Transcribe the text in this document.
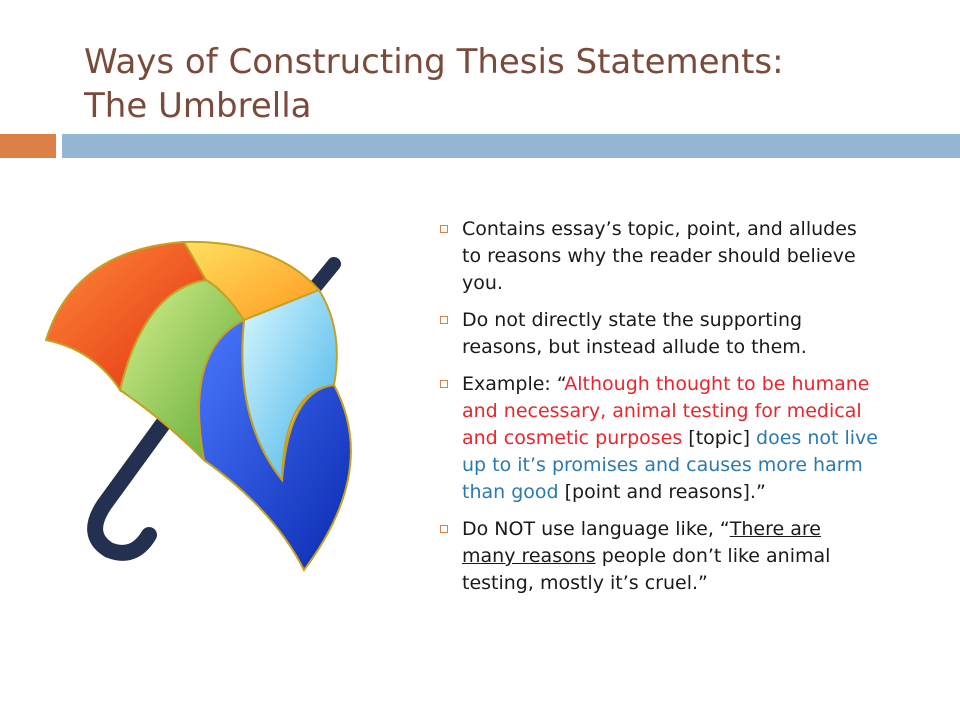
Ways of Constructing Thesis Statements:
The Umbrella
Contains essay’s topic, point, and alludes to reasons why the reader should believe you.
Do not directly state the supporting reasons, but instead allude to them.
Example: “Although thought to be humane and necessary, animal testing for medical and cosmetic purposes [topic] does not live up to it’s promises and causes more harm than good [point and reasons].”
Do NOT use language like, “There are many reasons people don’t like animal testing, mostly it’s cruel.”
